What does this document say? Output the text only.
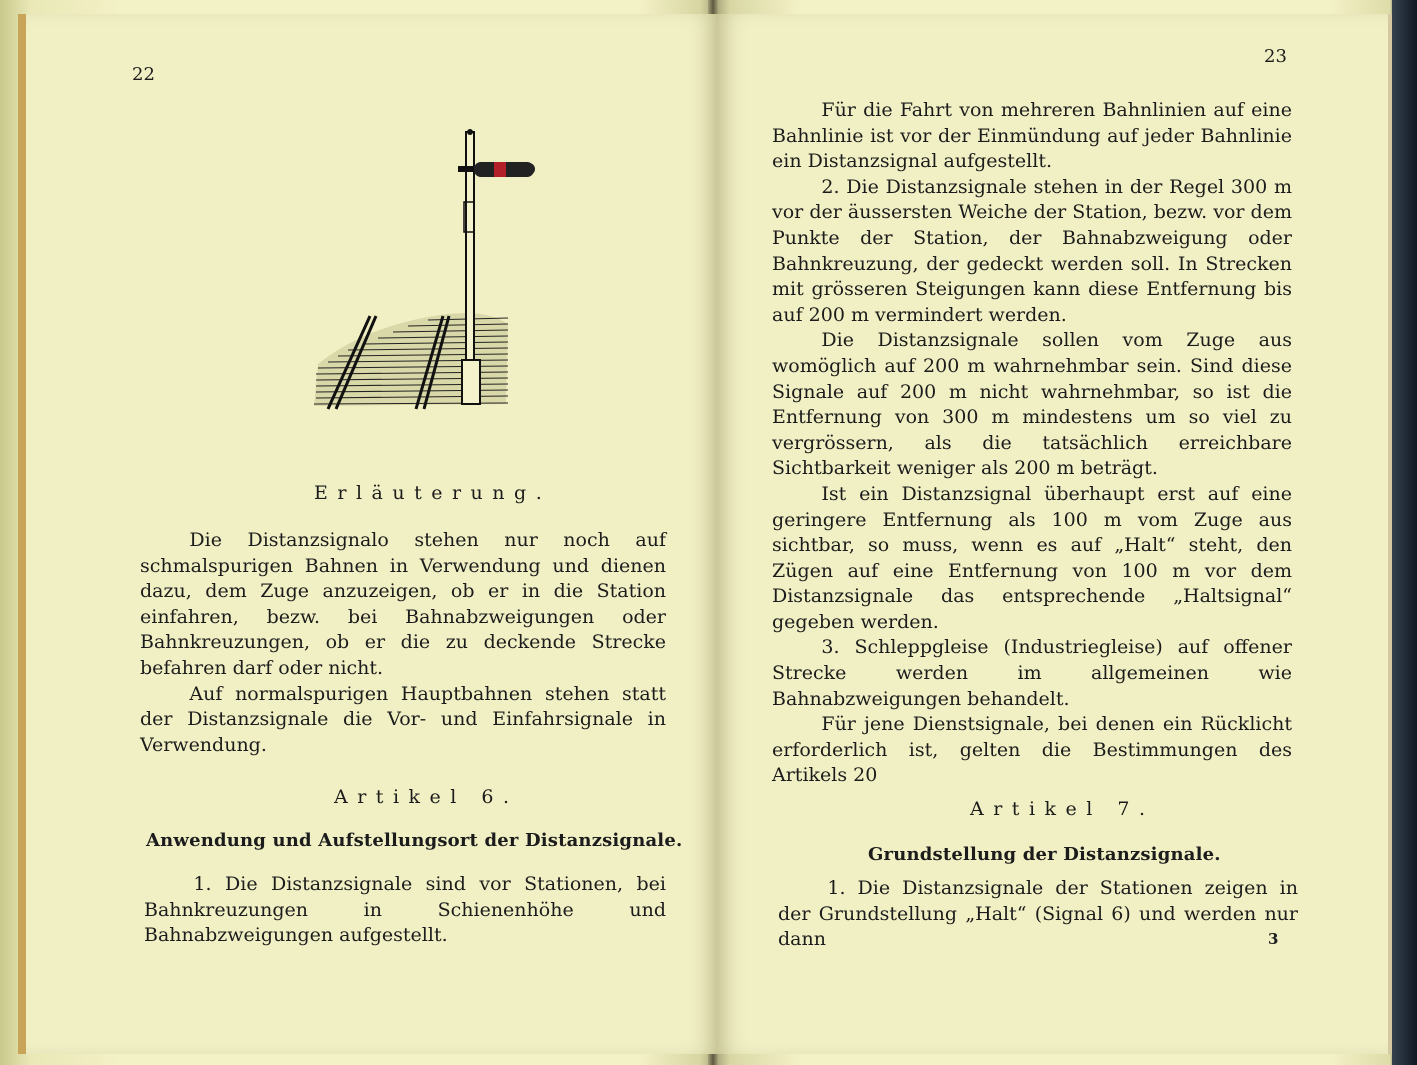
22
Erläuterung.

Die Distanzsignalo stehen nur noch auf schmalspurigen Bahnen in Verwendung und dienen dazu, dem Zuge anzuzeigen, ob er in die Station einfahren, bezw. bei Bahnabzweigungen oder Bahnkreuzungen, ob er die zu deckende Strecke befahren darf oder nicht.

Auf normalspurigen Hauptbahnen stehen statt der Distanzsignale die Vor- und Einfahrsignale in Verwendung.

Artikel 6.
Anwendung und Aufstellungsort der Distanzsignale.

1. Die Distanzsignale sind vor Stationen, bei Bahnkreuzungen in Schienenhöhe und Bahnabzweigungen aufgestellt.

23

Für die Fahrt von mehreren Bahnlinien auf eine Bahnlinie ist vor der Einmündung auf jeder Bahnlinie ein Distanzsignal aufgestellt.

2. Die Distanzsignale stehen in der Regel 300 m vor der äussersten Weiche der Station, bezw. vor dem Punkte der Station, der Bahnabzweigung oder Bahnkreuzung, der gedeckt werden soll. In Strecken mit grösseren Steigungen kann diese Entfernung bis auf 200 m vermindert werden.

Die Distanzsignale sollen vom Zuge aus womöglich auf 200 m wahrnehmbar sein. Sind diese Signale auf 200 m nicht wahrnehmbar, so ist die Entfernung von 300 m mindestens um so viel zu vergrössern, als die tatsächlich erreichbare Sichtbarkeit weniger als 200 m beträgt.

Ist ein Distanzsignal überhaupt erst auf eine geringere Entfernung als 100 m vom Zuge aus sichtbar, so muss, wenn es auf „Halt“ steht, den Zügen auf eine Entfernung von 100 m vor dem Distanzsignale das entsprechende „Haltsignal“ gegeben werden.

3. Schleppgleise (Industriegleise) auf offener Strecke werden im allgemeinen wie Bahnabzweigungen behandelt.

Für jene Dienstsignale, bei denen ein Rücklicht erforderlich ist, gelten die Bestimmungen des Artikels 20

Artikel 7.
Grundstellung der Distanzsignale.

1. Die Distanzsignale der Stationen zeigen in der Grundstellung „Halt“ (Signal 6) und werden nur dann	3
